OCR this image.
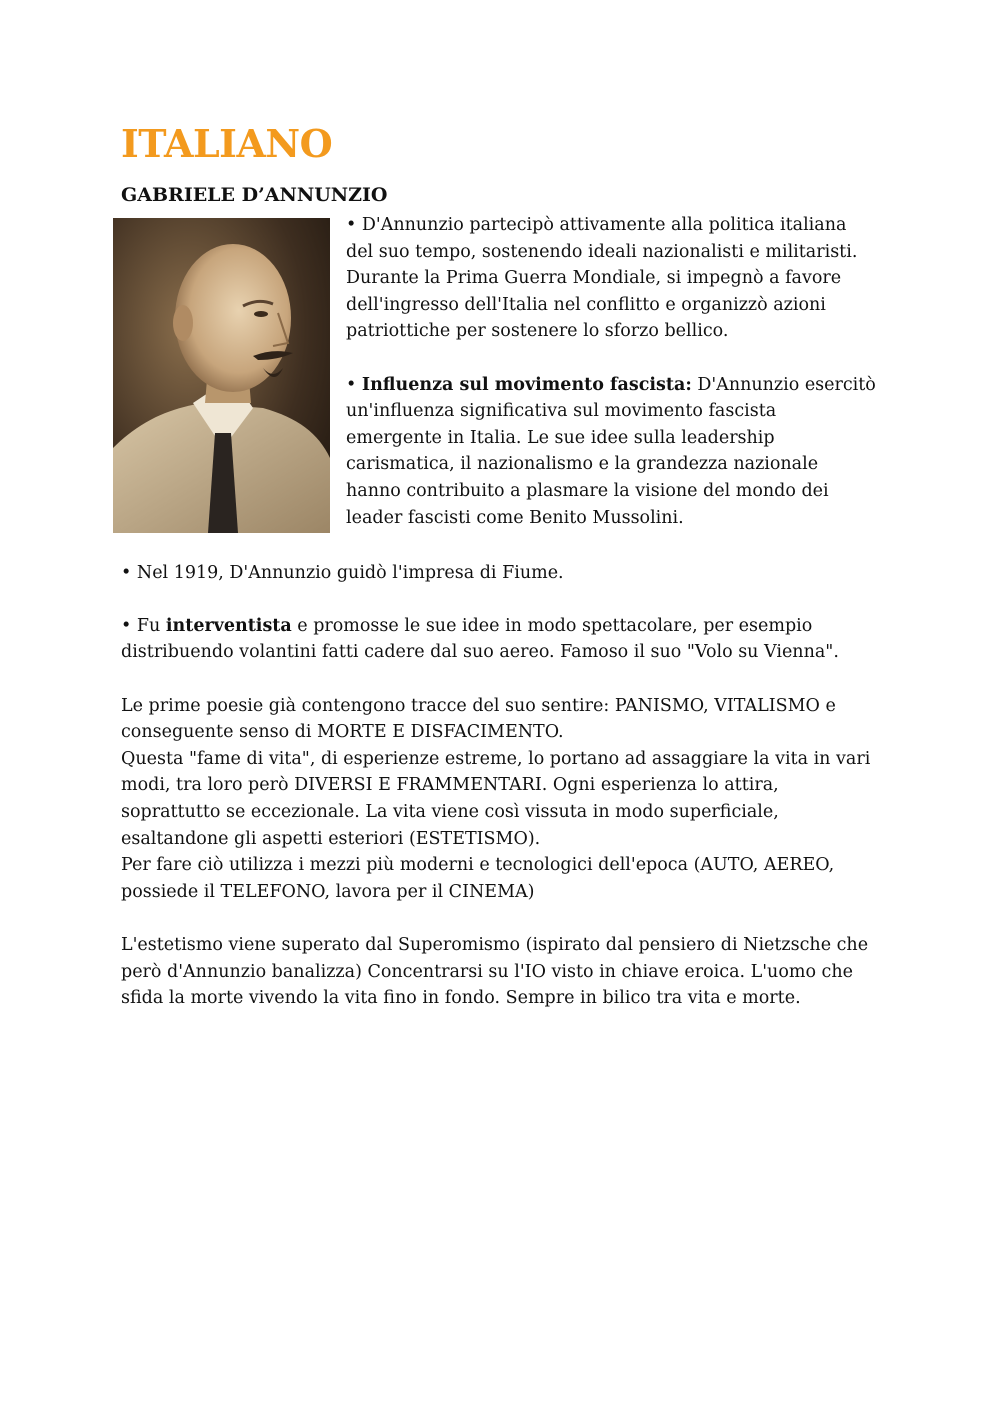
ITALIANO
GABRIELE D’ANNUNZIO

• D'Annunzio partecipò attivamente alla politica italiana del suo tempo, sostenendo ideali nazionalisti e militaristi. Durante la Prima Guerra Mondiale, si impegnò a favore dell'ingresso dell'Italia nel conflitto e organizzò azioni patriottiche per sostenere lo sforzo bellico.

• Influenza sul movimento fascista: D'Annunzio esercitò un'influenza significativa sul movimento fascista emergente in Italia. Le sue idee sulla leadership carismatica, il nazionalismo e la grandezza nazionale hanno contribuito a plasmare la visione del mondo dei leader fascisti come Benito Mussolini.

• Nel 1919, D'Annunzio guidò l'impresa di Fiume.

• Fu interventista e promosse le sue idee in modo spettacolare, per esempio distribuendo volantini fatti cadere dal suo aereo. Famoso il suo "Volo su Vienna".

Le prime poesie già contengono tracce del suo sentire: PANISMO, VITALISMO e conseguente senso di MORTE E DISFACIMENTO.

Questa "fame di vita", di esperienze estreme, lo portano ad assaggiare la vita in vari modi, tra loro però DIVERSI E FRAMMENTARI. Ogni esperienza lo attira, soprattutto se eccezionale. La vita viene così vissuta in modo superficiale, esaltandone gli aspetti esteriori (ESTETISMO).

Per fare ciò utilizza i mezzi più moderni e tecnologici dell'epoca (AUTO, AEREO, possiede il TELEFONO, lavora per il CINEMA)

L'estetismo viene superato dal Superomismo (ispirato dal pensiero di Nietzsche che però d'Annunzio banalizza) Concentrarsi su l'IO visto in chiave eroica. L'uomo che sfida la morte vivendo la vita fino in fondo. Sempre in bilico tra vita e morte.
